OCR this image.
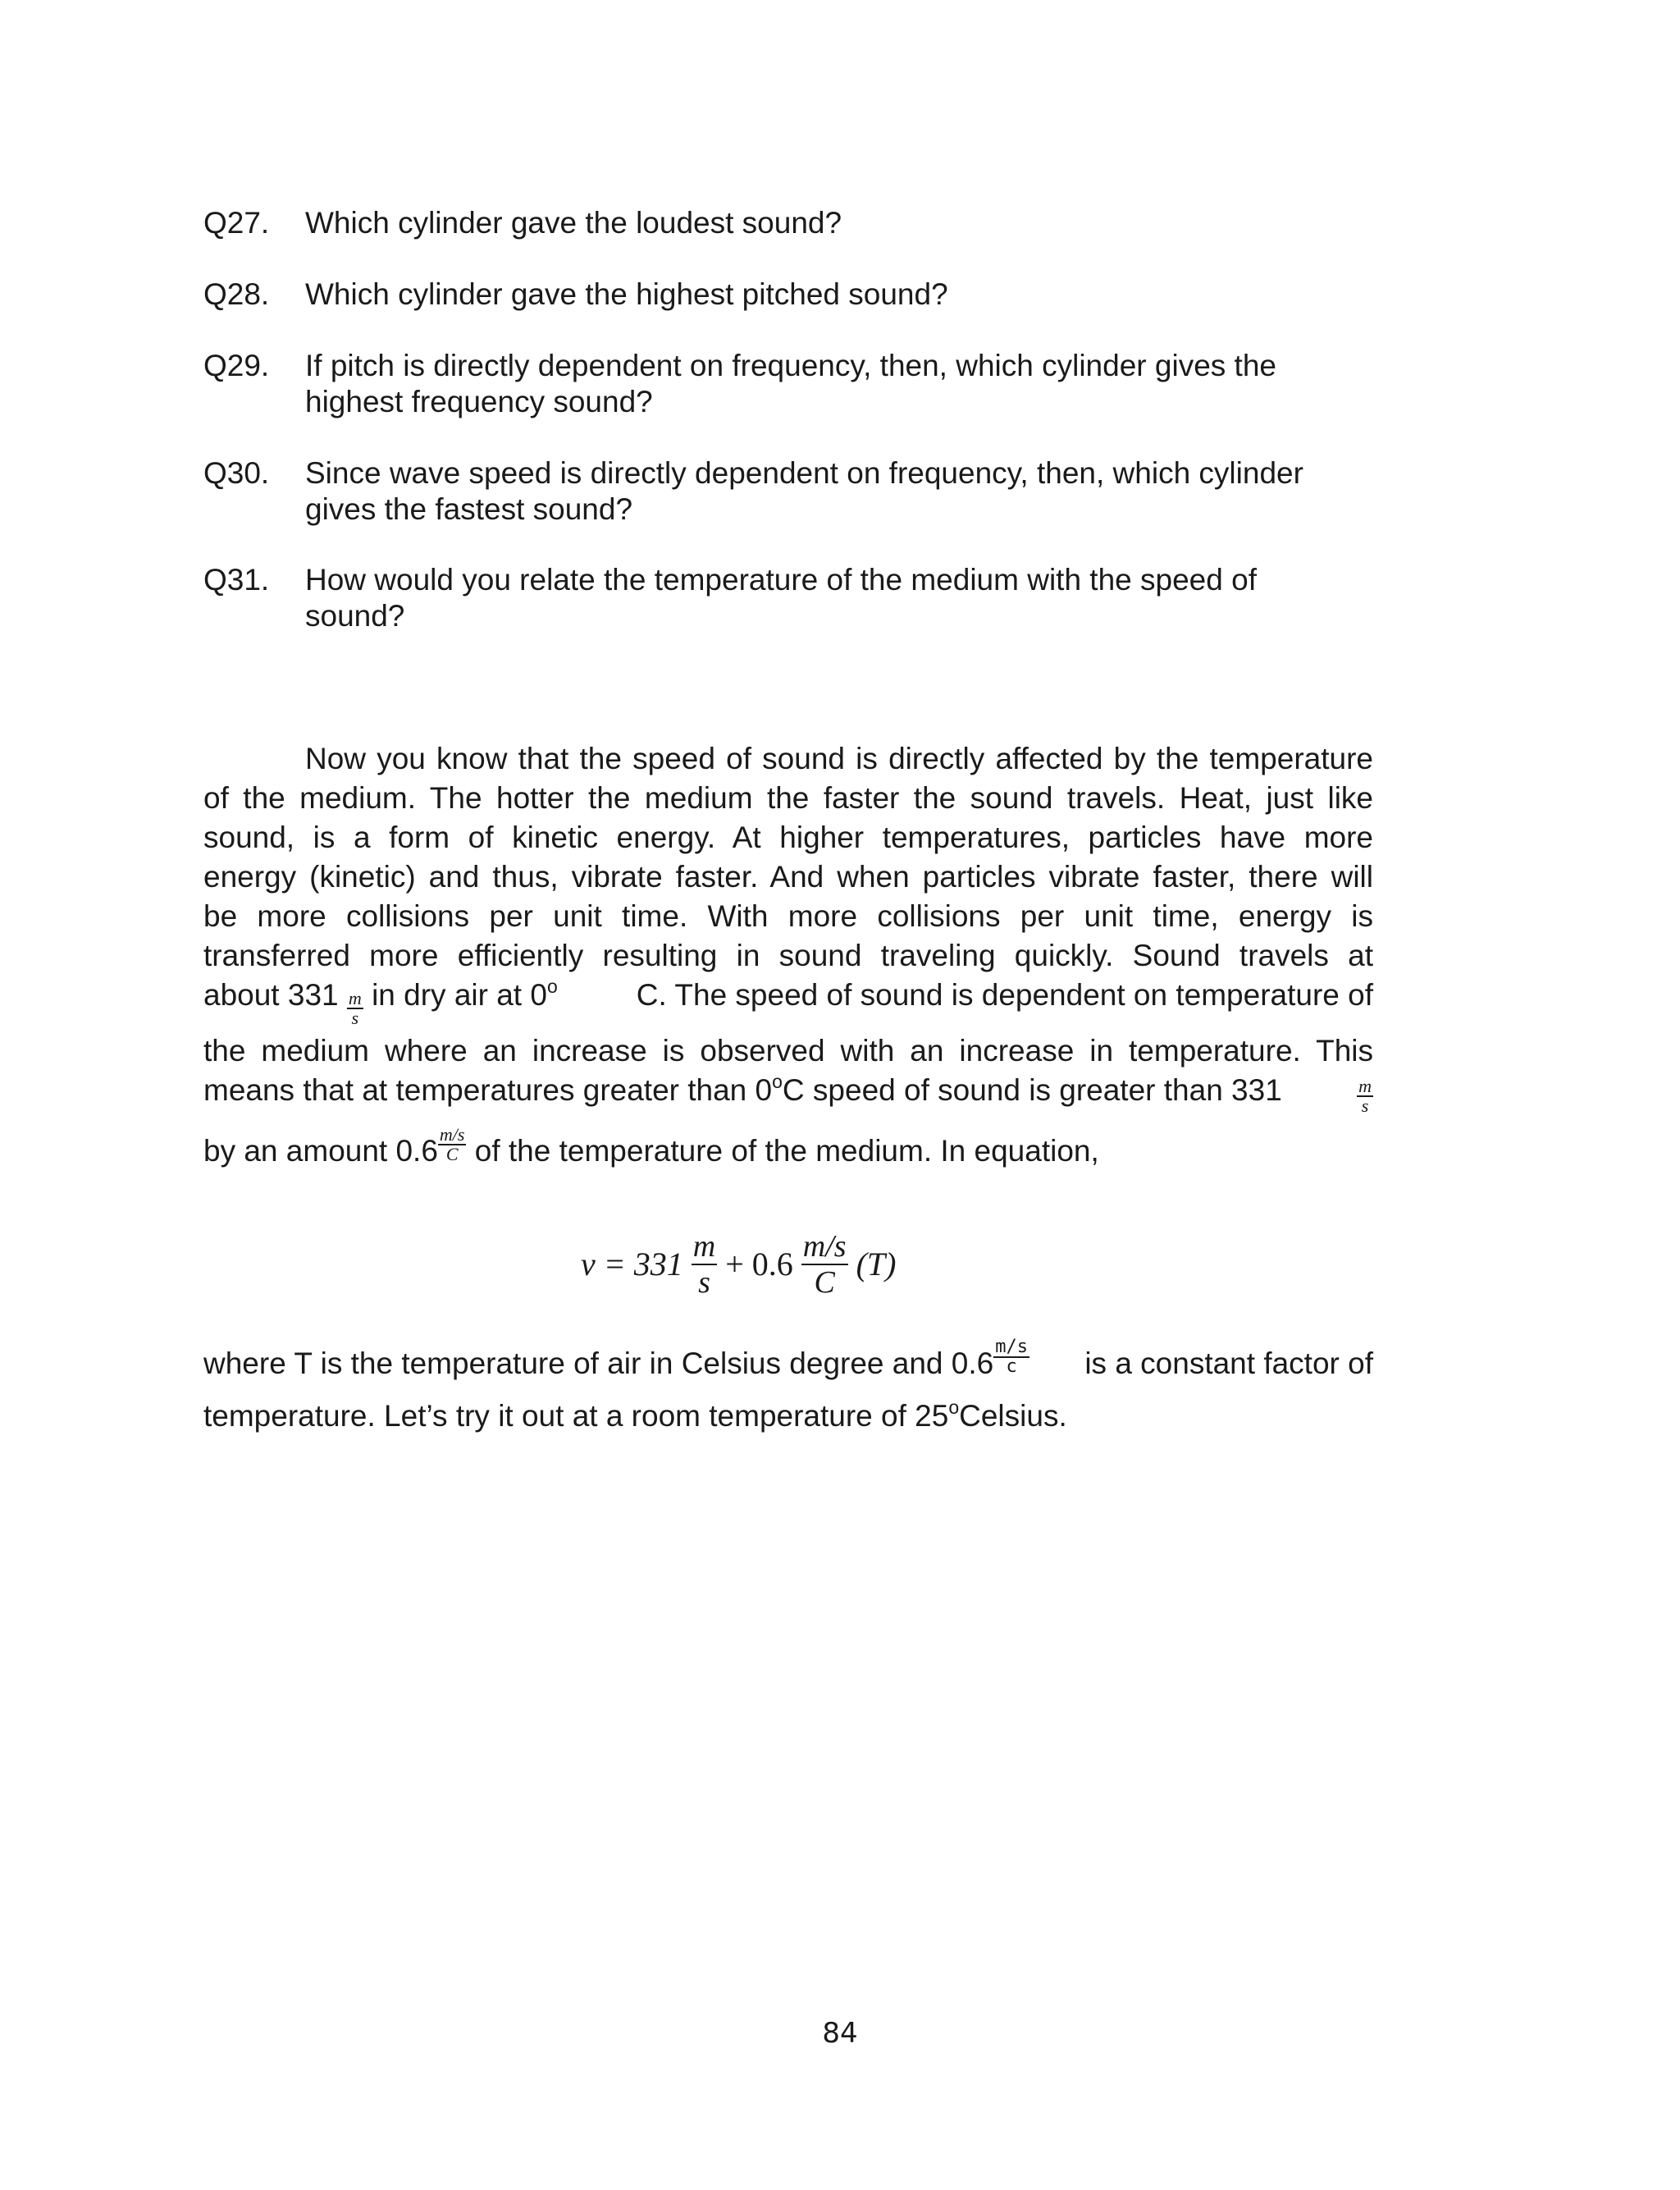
Q27. Which cylinder gave the loudest sound?
Q28. Which cylinder gave the highest pitched sound?
Q29. If pitch is directly dependent on frequency, then, which cylinder gives the
highest frequency sound?
Q30. Since wave speed is directly dependent on frequency, then, which cylinder
gives the fastest sound?
Q31. How would you relate the temperature of the medium with the speed of
sound?
Now you know that the speed of sound is directly affected by the temperature
of the medium. The hotter the medium the faster the sound travels. Heat, just like
sound, is a form of kinetic energy. At higher temperatures, particles have more
energy (kinetic) and thus, vibrate faster. And when particles vibrate faster, there will
be more collisions per unit time. With more collisions per unit time, energy is
transferred more efficiently resulting in sound traveling quickly. Sound travels at
about $331 \frac{m}{s}$ in dry air at 0$^o$	C. The speed of sound is dependent on temperature of
the medium where an increase is observed with an increase in temperature. This
means that at temperatures greater than 0$^o$C speed of sound is greater than 331	$\frac{m}{s}$
by an amount $0.6 \frac{m/s}{C}$ of the temperature of the medium. In equation,
$v = 331 \frac{m}{s} + 0.6 \frac{m/s}{C} (T)$
where T is the temperature of air in Celsius degree and $0.6 \frac{m/s}{c}$ is a constant factor of
temperature. Let’s try it out at a room temperature of 25$^o$Celsius.
84
